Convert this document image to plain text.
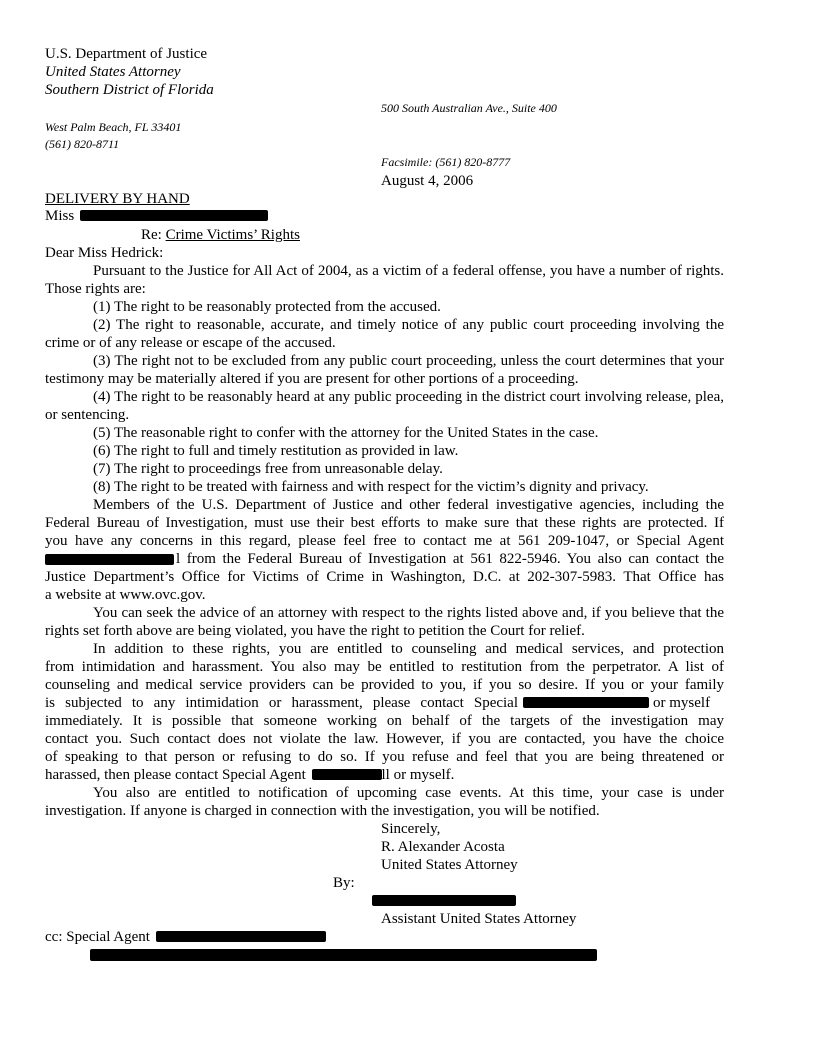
U.S. Department of Justice
United States Attorney
Southern District of Florida
500 South Australian Ave., Suite 400
West Palm Beach, FL 33401
(561) 820-8711
Facsimile: (561) 820-8777
August 4, 2006
DELIVERY BY HAND
Miss
Re: Crime Victims’ Rights
Dear Miss Hedrick:
Pursuant to the Justice for All Act of 2004, as a victim of a federal offense, you have a number of rights. Those rights are:
(1) The right to be reasonably protected from the accused.
(2) The right to reasonable, accurate, and timely notice of any public court proceeding involving the crime or of any release or escape of the accused.
(3) The right not to be excluded from any public court proceeding, unless the court determines that your testimony may be materially altered if you are present for other portions of a proceeding.
(4) The right to be reasonably heard at any public proceeding in the district court involving release, plea, or sentencing.
(5) The reasonable right to confer with the attorney for the United States in the case.
(6) The right to full and timely restitution as provided in law.
(7) The right to proceedings free from unreasonable delay.
(8) The right to be treated with fairness and with respect for the victim’s dignity and privacy.
Members of the U.S. Department of Justice and other federal investigative agencies, including the
Federal Bureau of Investigation, must use their best efforts to make sure that these rights are protected. If
you have any concerns in this regard, please feel free to contact me at 561 209-1047, or Special Agent
l from the Federal Bureau of Investigation at 561 822-5946. You also can contact the
Justice Department’s Office for Victims of Crime in Washington, D.C. at 202-307-5983. That Office has
a website at www.ovc.gov.
You can seek the advice of an attorney with respect to the rights listed above and, if you believe that the rights set forth above are being violated, you have the right to petition the Court for relief.
In addition to these rights, you are entitled to counseling and medical services, and protection
from intimidation and harassment. You also may be entitled to restitution from the perpetrator. A list of
counseling and medical service providers can be provided to you, if you so desire. If you or your family
is subjected to any intimidation or harassment, please contact Special	or myself
immediately. It is possible that someone working on behalf of the targets of the investigation may
contact you. Such contact does not violate the law. However, if you are contacted, you have the choice
of speaking to that person or refusing to do so. If you refuse and feel that you are being threatened or
harassed, then please contact Special Agent	ll or myself.
You also are entitled to notification of upcoming case events. At this time, your case is under investigation. If anyone is charged in connection with the investigation, you will be notified.
Sincerely,
R. Alexander Acosta
United States Attorney
By:
Assistant United States Attorney
cc: Special Agent
